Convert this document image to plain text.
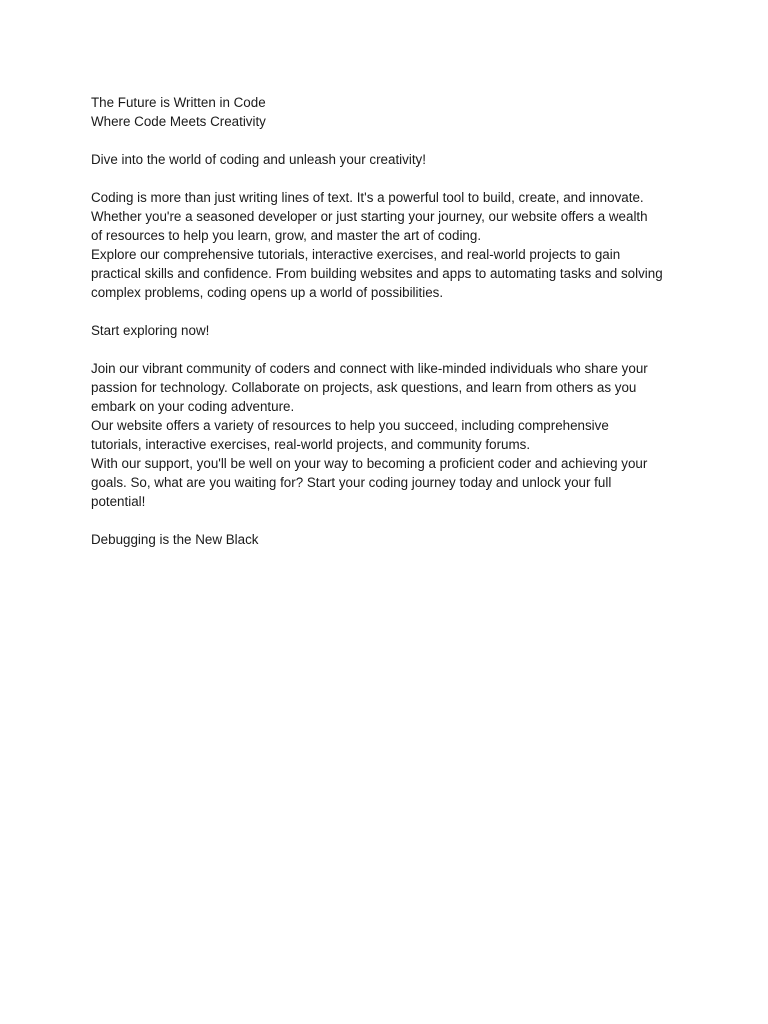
The Future is Written in Code

Where Code Meets Creativity

Dive into the world of coding and unleash your creativity!

Coding is more than just writing lines of text. It's a powerful tool to build, create, and innovate.

Whether you're a seasoned developer or just starting your journey, our website offers a wealth

of resources to help you learn, grow, and master the art of coding.

Explore our comprehensive tutorials, interactive exercises, and real-world projects to gain

practical skills and confidence. From building websites and apps to automating tasks and solving

complex problems, coding opens up a world of possibilities.

Start exploring now!

Join our vibrant community of coders and connect with like-minded individuals who share your

passion for technology. Collaborate on projects, ask questions, and learn from others as you

embark on your coding adventure.

Our website offers a variety of resources to help you succeed, including comprehensive

tutorials, interactive exercises, real-world projects, and community forums.

With our support, you'll be well on your way to becoming a proficient coder and achieving your

goals. So, what are you waiting for? Start your coding journey today and unlock your full

potential!

Debugging is the New Black
